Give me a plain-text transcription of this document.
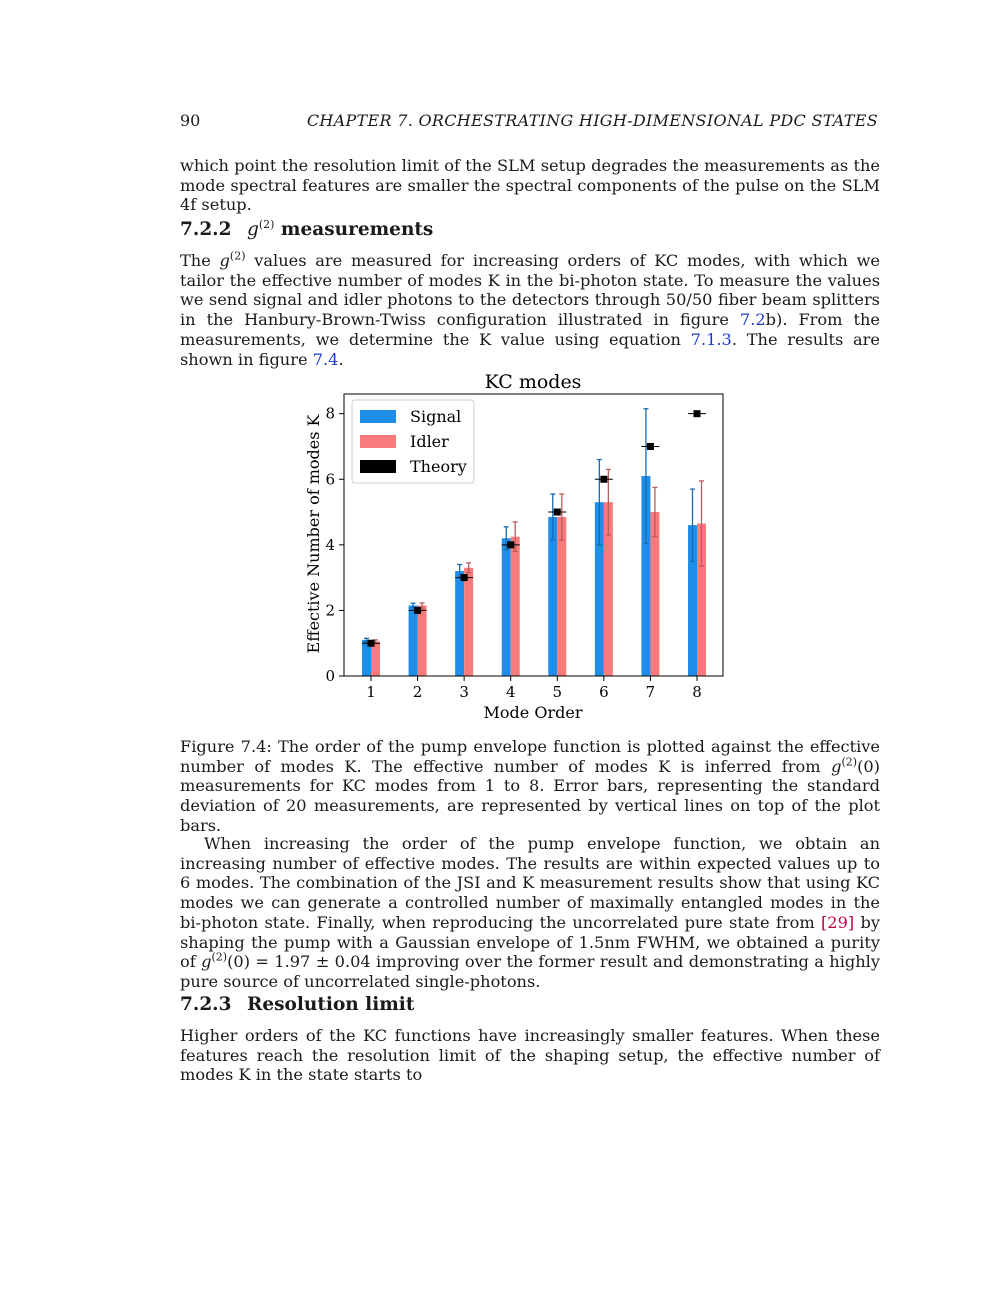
90	CHAPTER 7. ORCHESTRATING HIGH-DIMENSIONAL PDC STATES

which point the resolution limit of the SLM setup degrades the measurements as the mode spectral features are smaller the spectral components of the pulse on the SLM 4f setup.

7.2.2 $g^{(2)}$ measurements

The $g^{(2)}$ values are measured for increasing orders of KC modes, with which we tailor the effective number of modes K in the bi-photon state. To measure the values we send signal and idler photons to the detectors through 50/50 fiber beam splitters in the Hanbury-Brown-Twiss configuration illustrated in figure 7.2b). From the measurements, we determine the K value using equation 7.1.3. The results are shown in figure 7.4.

KC modes
Effective Number of modes K
Mode Order
0
2
4
6
8
1 2 3 4 5 6 7 8
Signal
Idler
Theory
Figure 7.4: The order of the pump envelope function is plotted against the effective number of modes K. The effective number of modes K is inferred from $g^{(2)}(0)$ measurements for KC modes from 1 to 8. Error bars, representing the standard deviation of 20 measurements, are represented by vertical lines on top of the plot bars.

When increasing the order of the pump envelope function, we obtain an increasing number of effective modes. The results are within expected values up to 6 modes. The combination of the JSI and K measurement results show that using KC modes we can generate a controlled number of maximally entangled modes in the bi-photon state. Finally, when reproducing the uncorrelated pure state from [29] by shaping the pump with a Gaussian envelope of 1.5nm FWHM, we obtained a purity of $g^{(2)}(0) = 1.97 \pm 0.04$ improving over the former result and demonstrating a highly pure source of uncorrelated single-photons.

7.2.3 Resolution limit

Higher orders of the KC functions have increasingly smaller features. When these features reach the resolution limit of the shaping setup, the effective number of modes K in the state starts to
